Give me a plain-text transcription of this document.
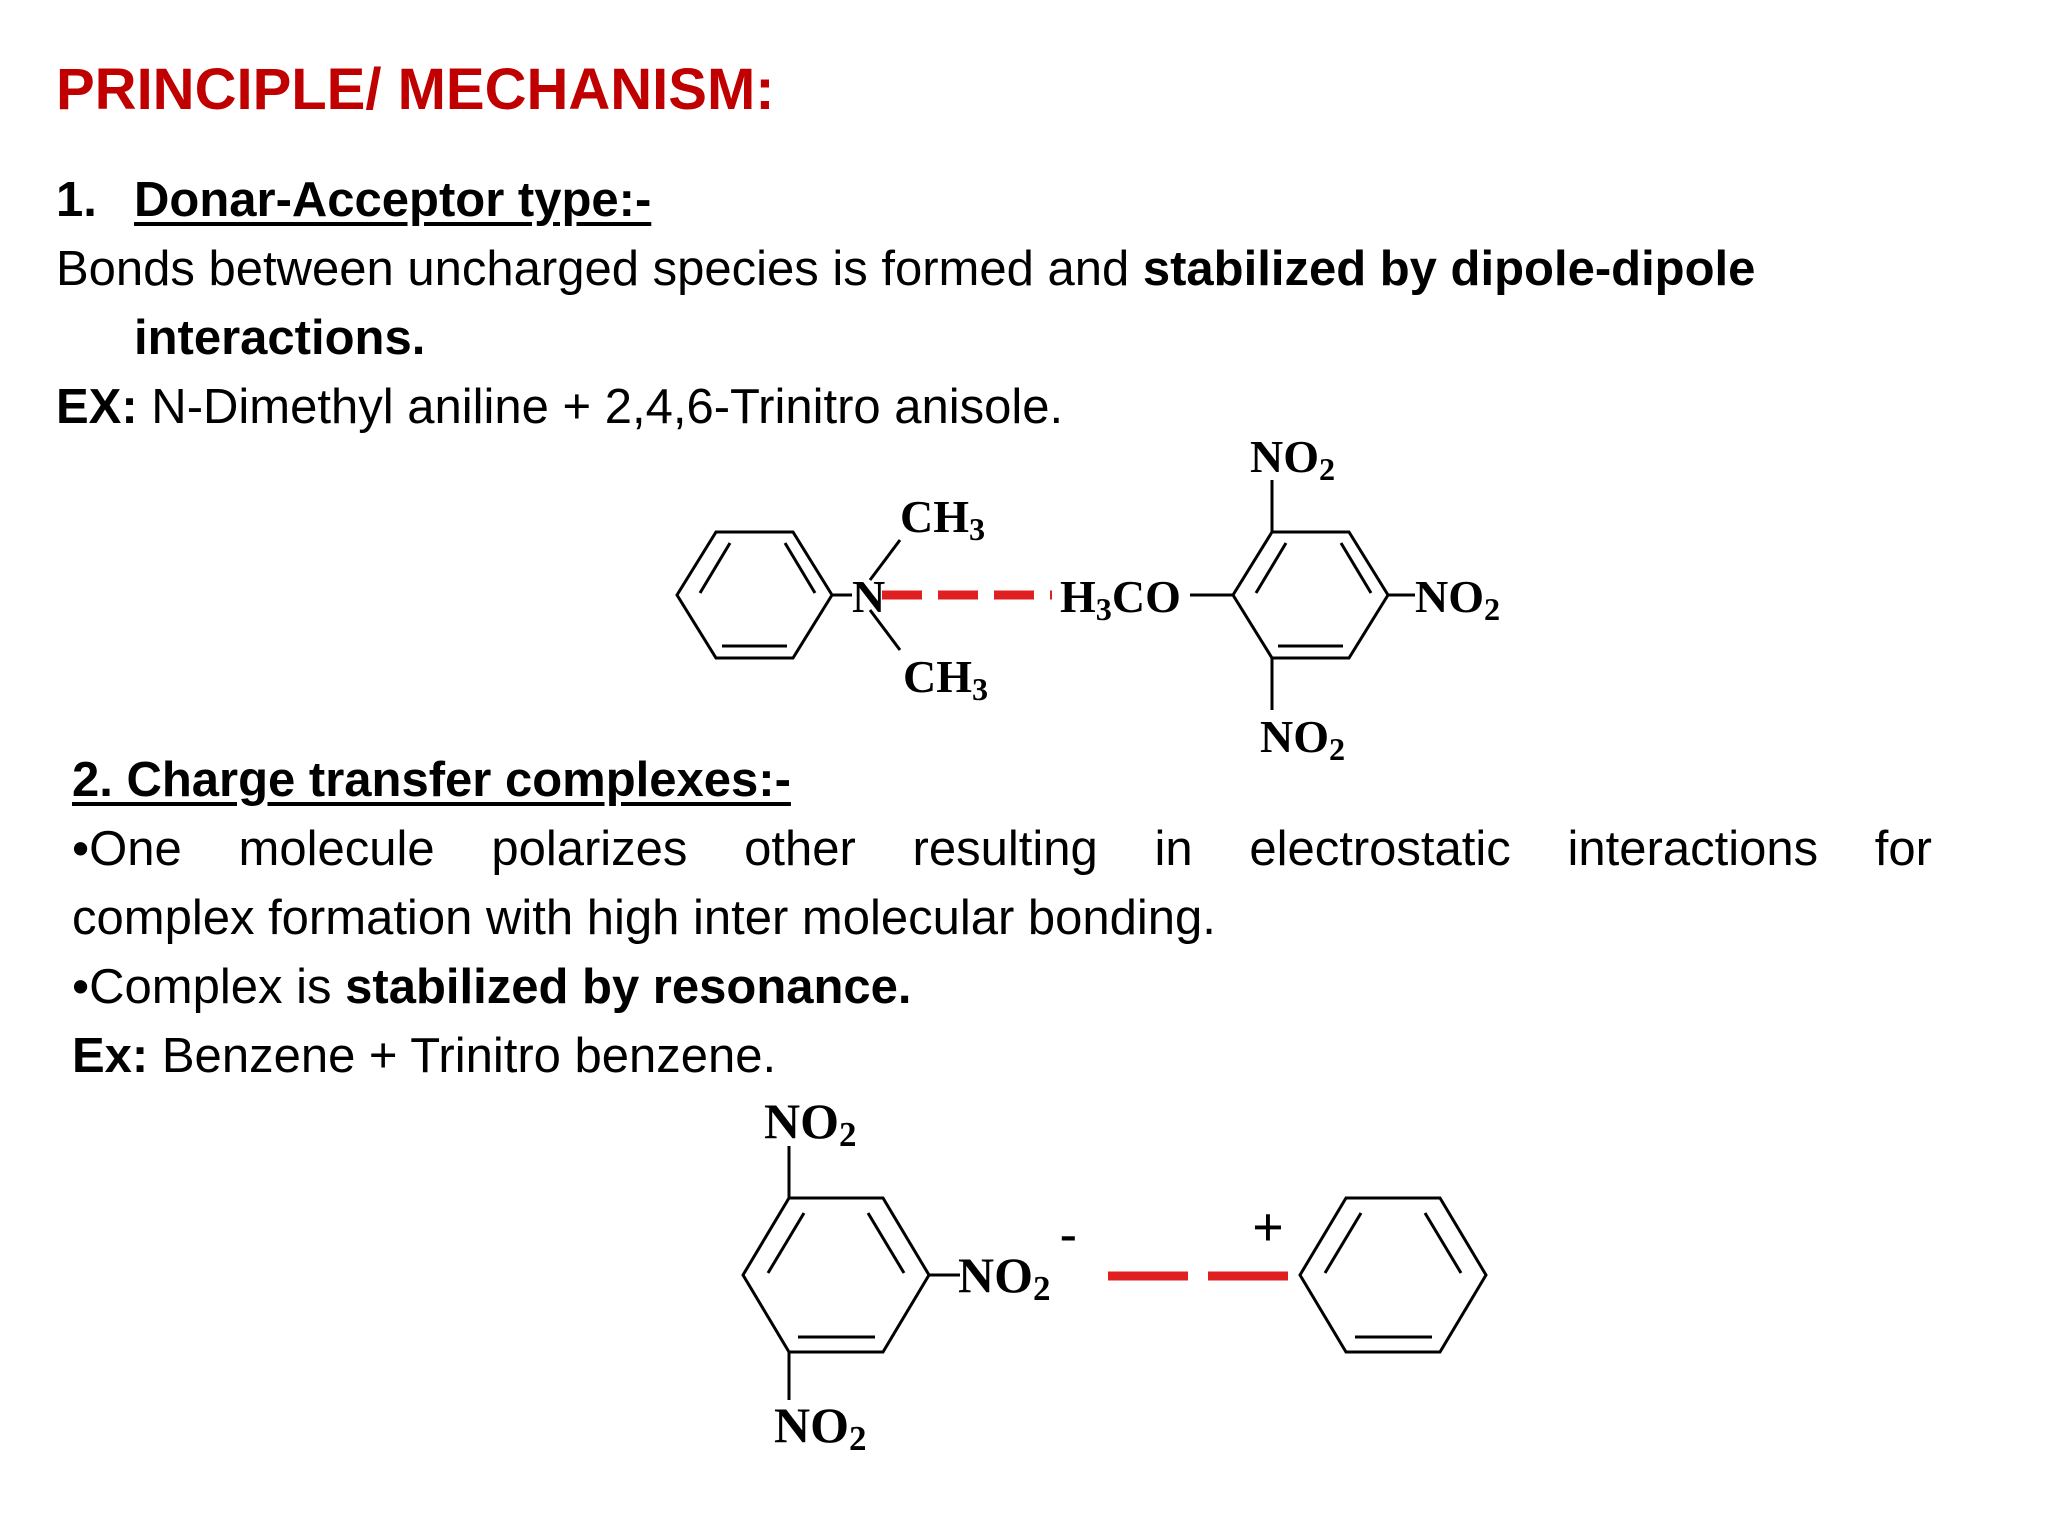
PRINCIPLE/ MECHANISM:
1. Donar-Acceptor type:-
Bonds between uncharged species is formed and stabilized by dipole-dipole
interactions.
EX: N-Dimethyl aniline + 2,4,6-Trinitro anisole.
N
CH3
CH3
H3CO
NO2
NO2
NO2
2. Charge transfer complexes:-
•One molecule polarizes other resulting in electrostatic interactions for
complex formation with high inter molecular bonding.
•Complex is stabilized by resonance.
Ex: Benzene + Trinitro benzene.
NO2
NO2
-
NO2
+
